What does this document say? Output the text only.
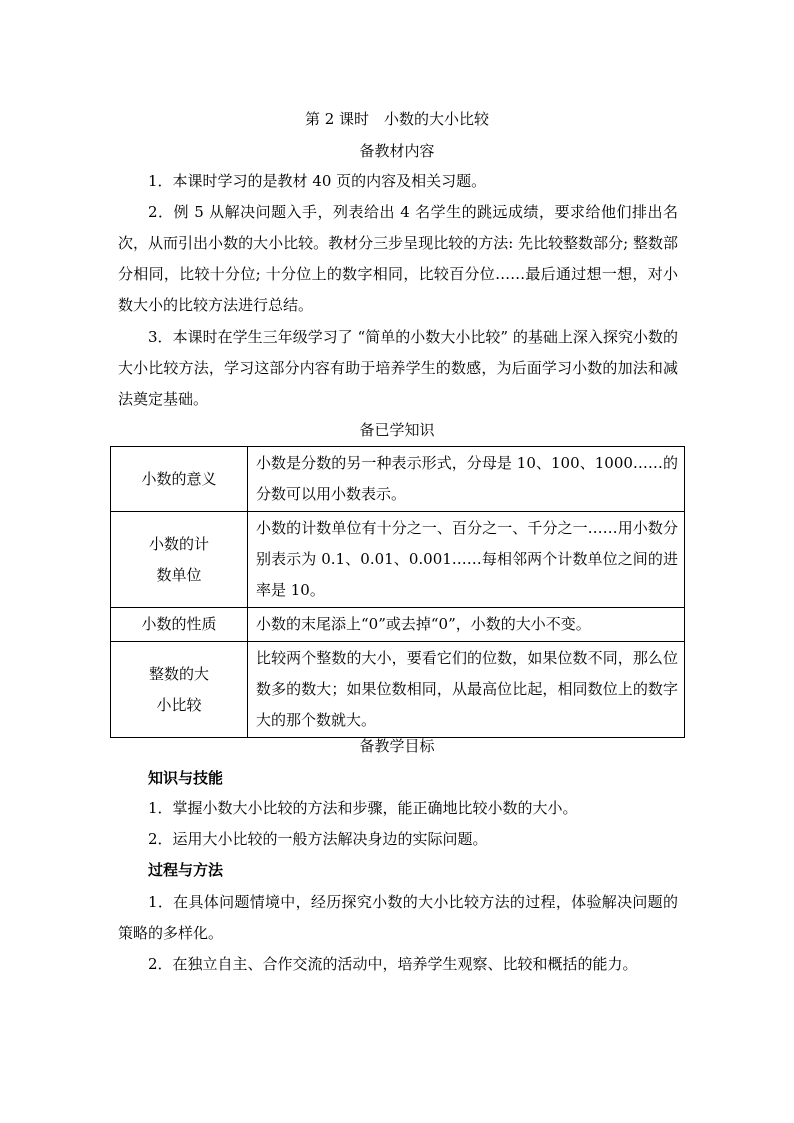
第 2 课时　小数的大小比较
备教材内容
1．本课时学习的是教材 40 页的内容及相关习题。
2．例 5 从解决问题入手，列表给出 4 名学生的跳远成绩，要求给他们排出名次，从而引出小数的大小比较。教材分三步呈现比较的方法: 先比较整数部分; 整数部分相同，比较十分位; 十分位上的数字相同，比较百分位……最后通过想一想，对小数大小的比较方法进行总结。
3．本课时在学生三年级学习了 “简单的小数大小比较” 的基础上深入探究小数的大小比较方法，学习这部分内容有助于培养学生的数感，为后面学习小数的加法和减法奠定基础。
备已学知识
小数的意义	小数是分数的另一种表示形式，分母是 10、100、1000……的分数可以用小数表示。

小数的计数单位	小数的计数单位有十分之一、百分之一、千分之一……用小数分别表示为 0.1、0.01、0.001……每相邻两个计数单位之间的进率是 10。
小数的性质	小数的末尾添上“0”或去掉“0”，小数的大小不变。

整数的大小比较	比较两个整数的大小，要看它们的位数，如果位数不同，那么位数多的数大；如果位数相同，从最高位比起，相同数位上的数字大的那个数就大。
备教学目标
知识与技能
1．掌握小数大小比较的方法和步骤，能正确地比较小数的大小。
2．运用大小比较的一般方法解决身边的实际问题。
过程与方法
1．在具体问题情境中，经历探究小数的大小比较方法的过程，体验解决问题的策略的多样化。
2．在独立自主、合作交流的活动中，培养学生观察、比较和概括的能力。
